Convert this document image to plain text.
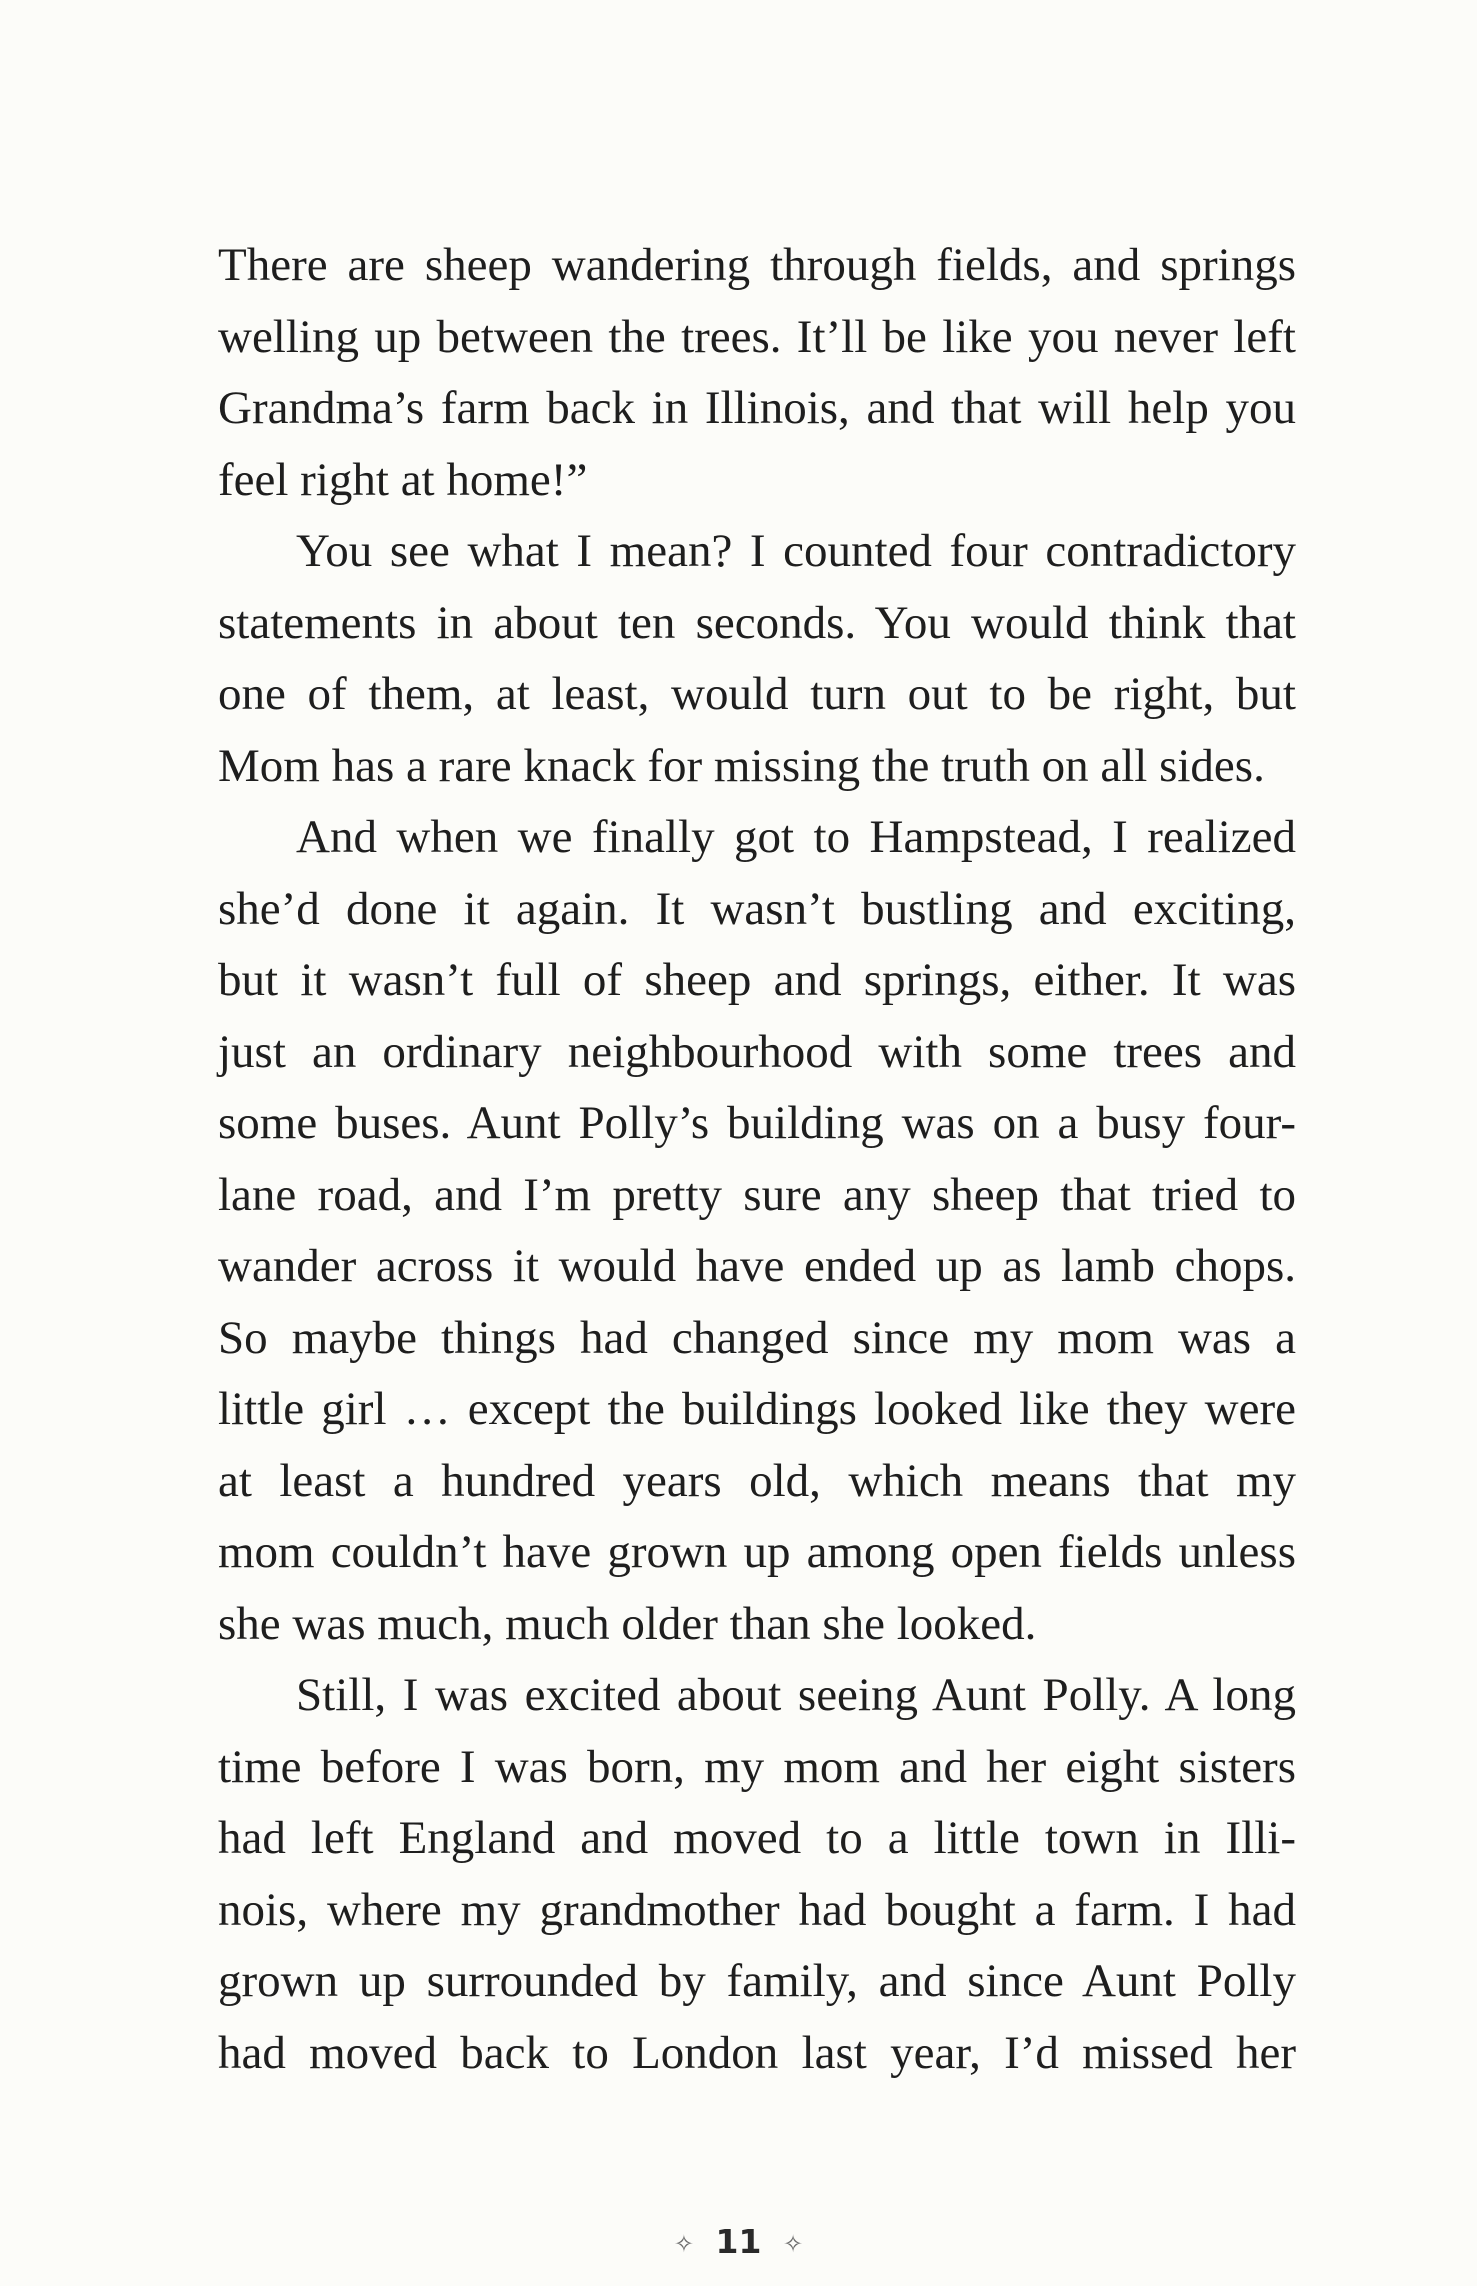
There are sheep wandering through fields, and springs
welling up between the trees. It’ll be like you never left
Grandma’s farm back in Illinois, and that will help you
feel right at home!”
You see what I mean? I counted four contradictory
statements in about ten seconds. You would think that
one of them, at least, would turn out to be right, but
Mom has a rare knack for missing the truth on all sides.
And when we finally got to Hampstead, I realized
she’d done it again. It wasn’t bustling and exciting,
but it wasn’t full of sheep and springs, either. It was
just an ordinary neighbourhood with some trees and
some buses. Aunt Polly’s building was on a busy four-
lane road, and I’m pretty sure any sheep that tried to
wander across it would have ended up as lamb chops.
So maybe things had changed since my mom was a
little girl … except the buildings looked like they were
at least a hundred years old, which means that my
mom couldn’t have grown up among open fields unless
she was much, much older than she looked.
Still, I was excited about seeing Aunt Polly. A long
time before I was born, my mom and her eight sisters
had left England and moved to a little town in Illi-
nois, where my grandmother had bought a farm. I had
grown up surrounded by family, and since Aunt Polly
had moved back to London last year, I’d missed her
✧ 11 ✧
